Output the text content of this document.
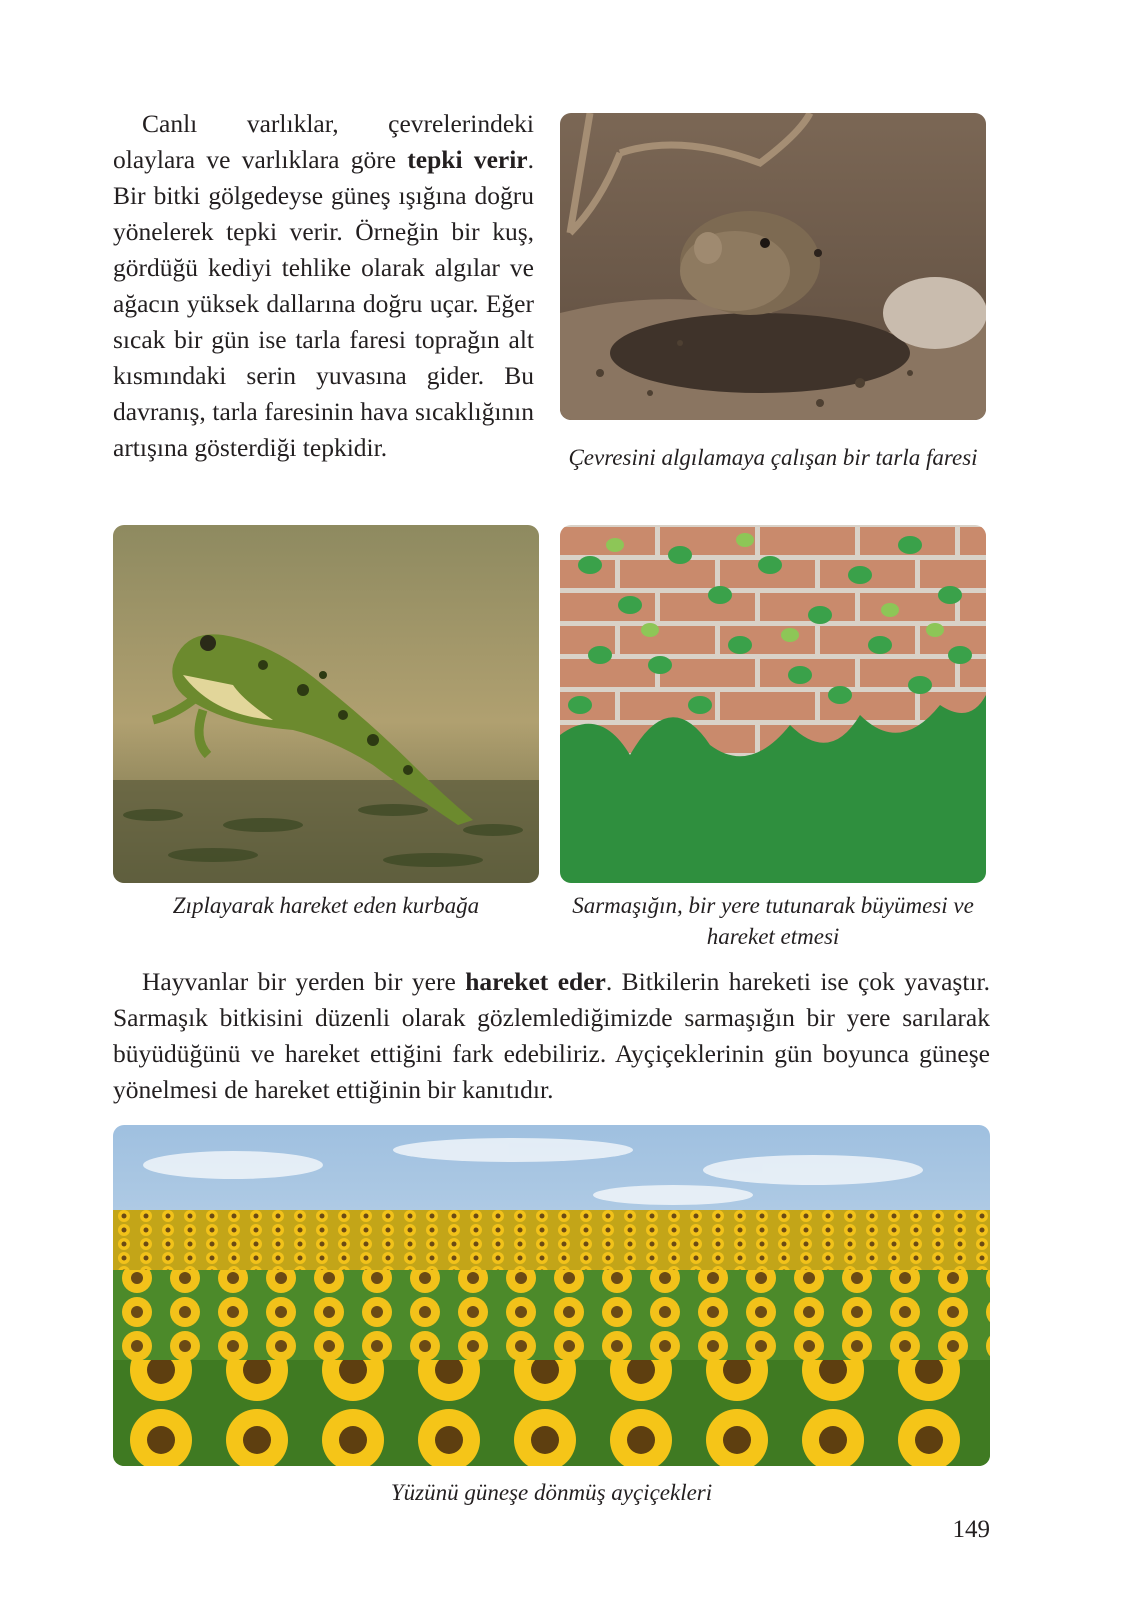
Canlı varlıklar, çevrelerindeki olaylara ve varlıklara göre tepki verir. Bir bitki gölgedeyse güneş ışığına doğru yönelerek tepki verir. Örneğin bir kuş, gördüğü kediyi tehlike olarak algılar ve ağacın yüksek dallarına doğru uçar. Eğer sıcak bir gün ise tarla faresi toprağın alt kısmındaki serin yuvasına gider. Bu davranış, tarla faresinin hava sıcaklığının artışına gösterdiği tepkidir.	Çevresini algılamaya çalışan bir tarla faresi
Zıplayarak hareket eden kurbağa	Sarmaşığın, bir yere tutunarak büyümesi ve
hareket etmesi

Hayvanlar bir yerden bir yere hareket eder. Bitkilerin hareketi ise çok yavaştır. Sarmaşık bitkisini düzenli olarak gözlemlediğimizde sarmaşığın bir yere sarılarak büyüdüğünü ve hareket ettiğini fark edebiliriz. Ayçiçeklerinin gün boyunca güneşe yönelmesi de hareket ettiğinin bir kanıtıdır.

Yüzünü güneşe dönmüş ayçiçekleri
149
